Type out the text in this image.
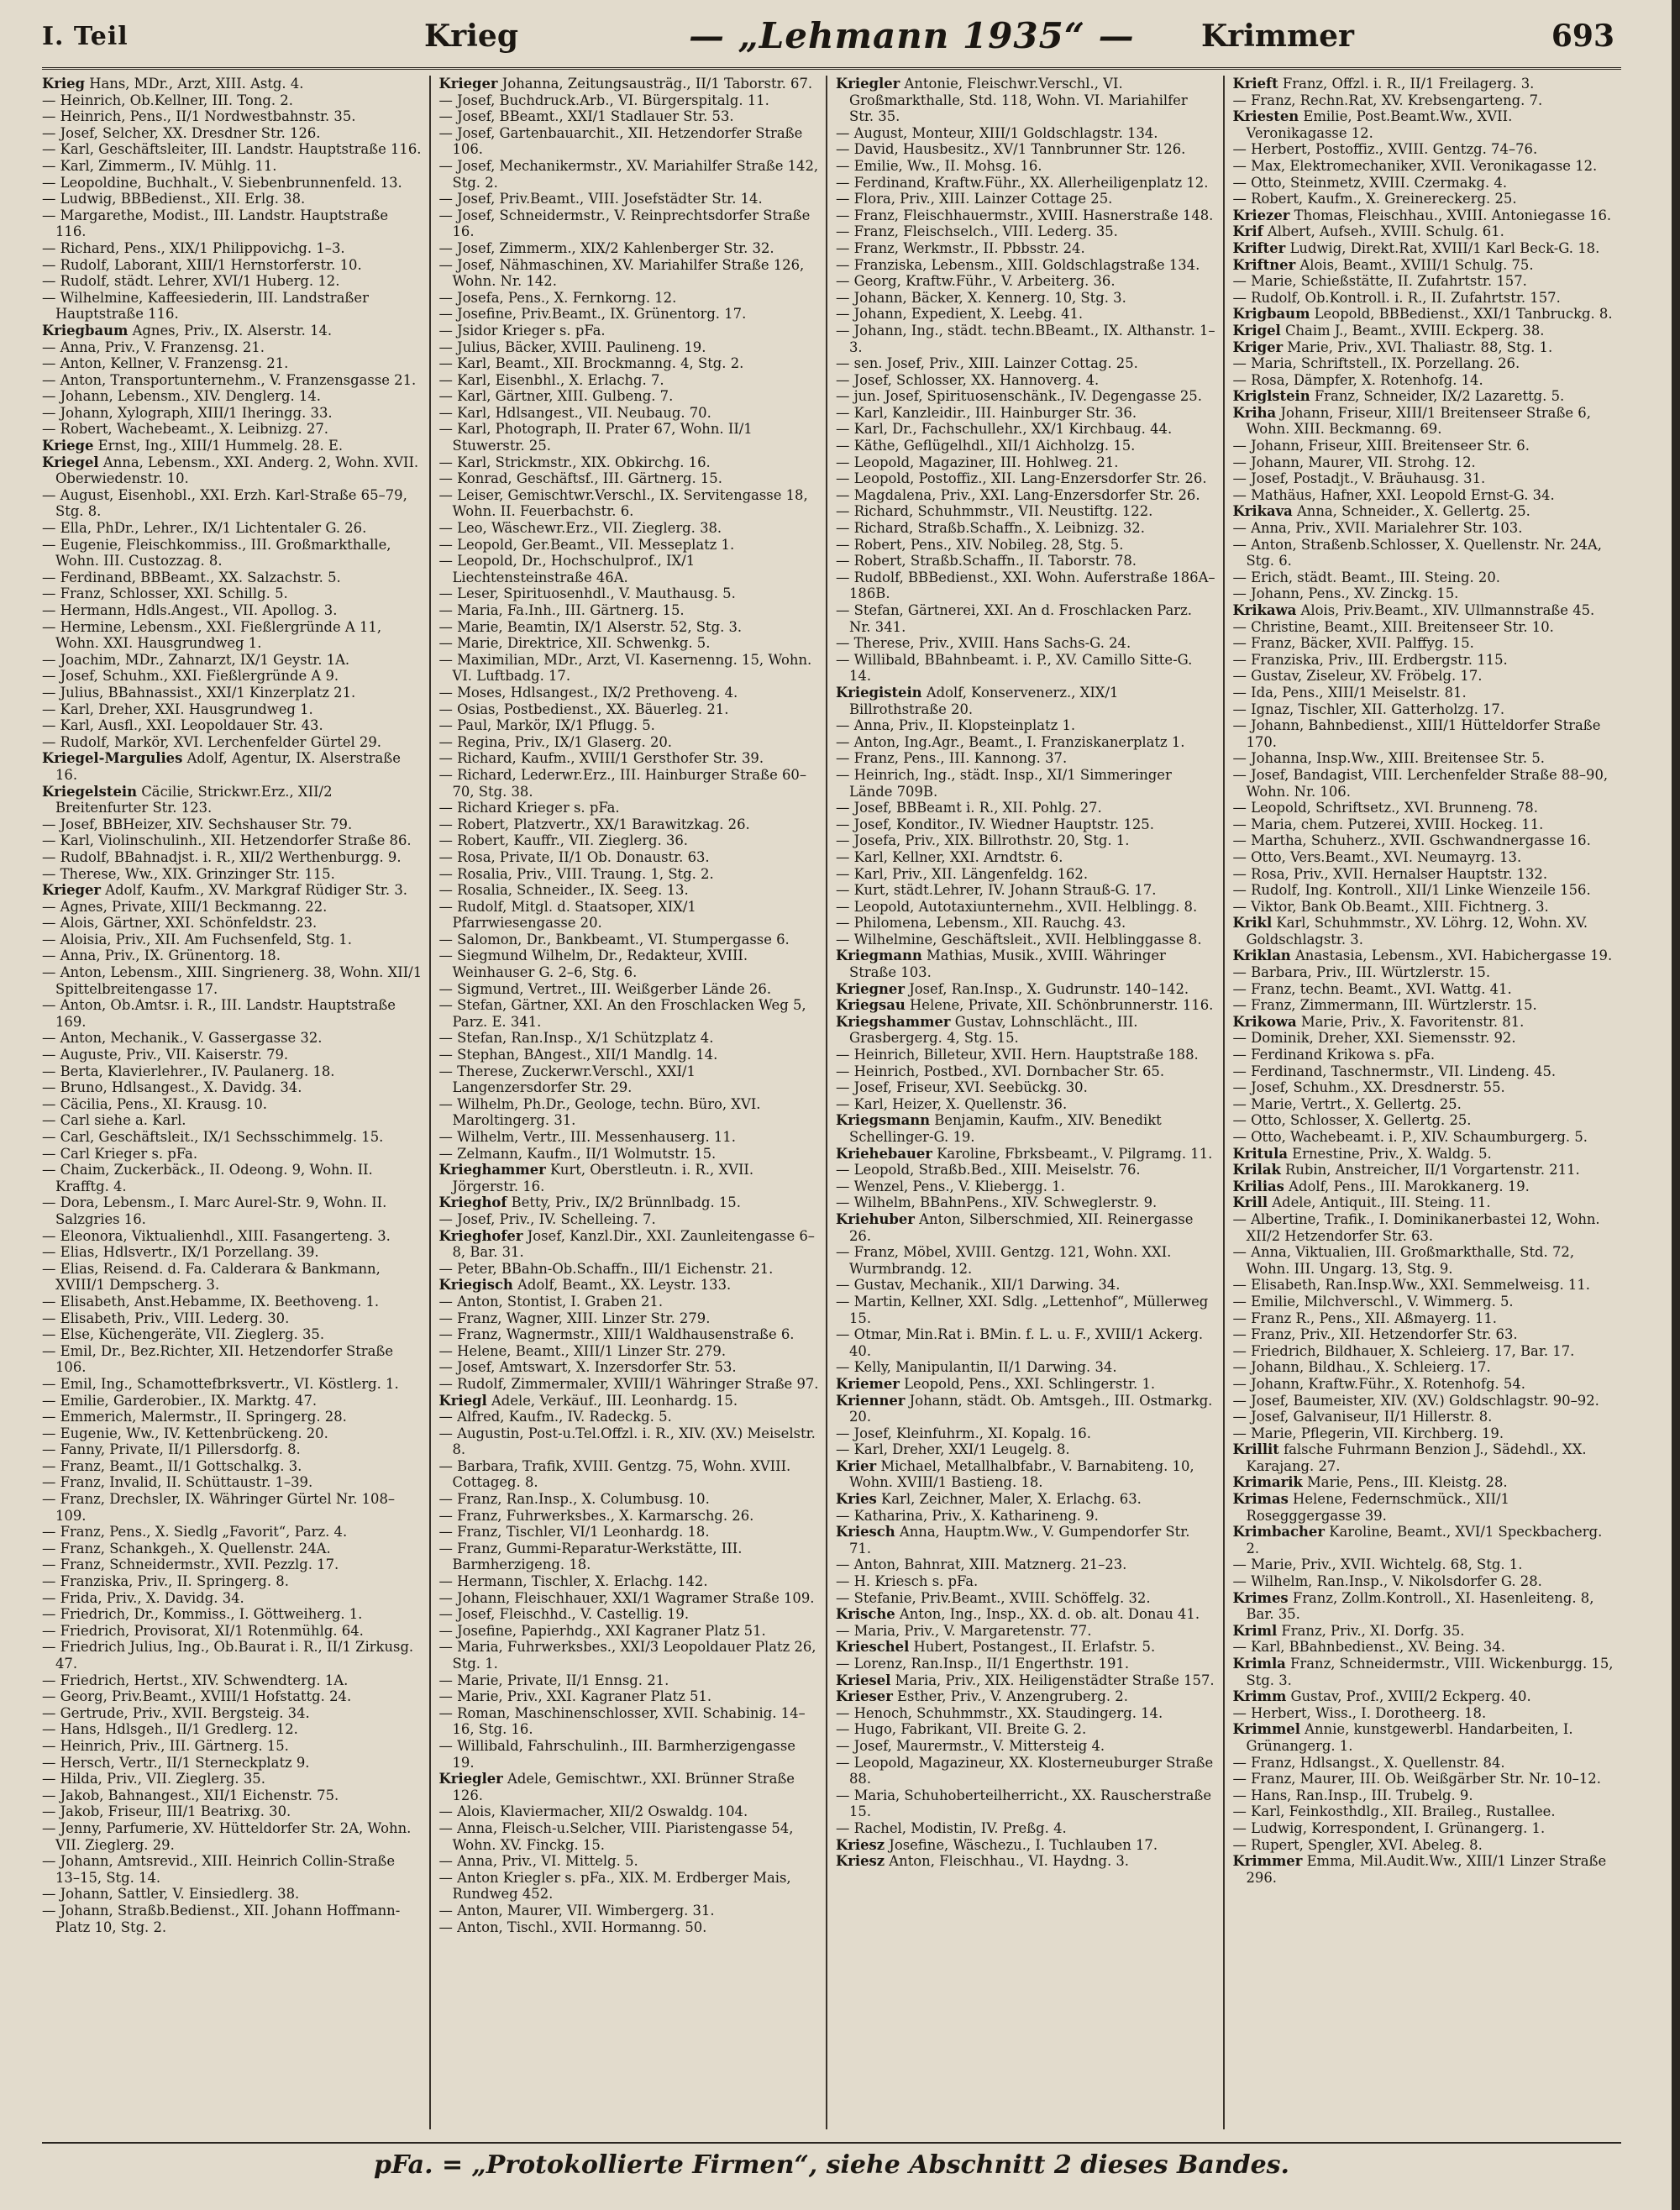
I. Teil	Krieg	— „Lehmann 1935“ — Krimmer	693
Krieg Hans, MDr., Arzt, XIII. Astg. 4.
— Heinrich, Ob.Kellner, III. Tong. 2.
— Heinrich, Pens., II/1 Nordwestbahnstr. 35.
— Josef, Selcher, XX. Dresdner Str. 126.
— Karl, Geschäftsleiter, III. Landstr. Hauptstraße 116.
— Karl, Zimmerm., IV. Mühlg. 11.
— Leopoldine, Buchhalt., V. Siebenbrunnenfeld. 13.
— Ludwig, BBBedienst., XII. Erlg. 38.
— Margarethe, Modist., III. Landstr. Hauptstraße 116.
— Richard, Pens., XIX/1 Philippovichg. 1–3.
— Rudolf, Laborant, XIII/1 Hernstorferstr. 10.
— Rudolf, städt. Lehrer, XVI/1 Huberg. 12.
— Wilhelmine, Kaffeesiederin, III. Landstraßer Hauptstraße 116.
Kriegbaum Agnes, Priv., IX. Alserstr. 14.
— Anna, Priv., V. Franzensg. 21.
— Anton, Kellner, V. Franzensg. 21.
— Anton, Transportunternehm., V. Franzensgasse 21.
— Johann, Lebensm., XIV. Denglerg. 14.
— Johann, Xylograph, XIII/1 Iheringg. 33.
— Robert, Wachebeamt., X. Leibnizg. 27.
Kriege Ernst, Ing., XIII/1 Hummelg. 28. E.
Kriegel Anna, Lebensm., XXI. Anderg. 2, Wohn. XVII. Oberwiedenstr. 10.
— August, Eisenhobl., XXI. Erzh. Karl-Straße 65–79, Stg. 8.
— Ella, PhDr., Lehrer., IX/1 Lichtentaler G. 26.
— Eugenie, Fleischkommiss., III. Großmarkthalle, Wohn. III. Custozzag. 8.
— Ferdinand, BBBeamt., XX. Salzachstr. 5.
— Franz, Schlosser, XXI. Schillg. 5.
— Hermann, Hdls.Angest., VII. Apollog. 3.
— Hermine, Lebensm., XXI. Fießlergründe A 11, Wohn. XXI. Hausgrundweg 1.
— Joachim, MDr., Zahnarzt, IX/1 Geystr. 1A.
— Josef, Schuhm., XXI. Fießlergründe A 9.
— Julius, BBahnassist., XXI/1 Kinzerplatz 21.
— Karl, Dreher, XXI. Hausgrundweg 1.
— Karl, Ausfl., XXI. Leopoldauer Str. 43.
— Rudolf, Markör, XVI. Lerchenfelder Gürtel 29.
Kriegel-Margulies Adolf, Agentur, IX. Alserstraße 16.
Kriegelstein Cäcilie, Strickwr.Erz., XII/2 Breitenfurter Str. 123.
— Josef, BBHeizer, XIV. Sechshauser Str. 79.
— Karl, Violinschulinh., XII. Hetzendorfer Straße 86.
— Rudolf, BBahnadjst. i. R., XII/2 Werthenburgg. 9.
— Therese, Ww., XIX. Grinzinger Str. 115.
Krieger Adolf, Kaufm., XV. Markgraf Rüdiger Str. 3.
— Agnes, Private, XIII/1 Beckmanng. 22.
— Alois, Gärtner, XXI. Schönfeldstr. 23.
— Aloisia, Priv., XII. Am Fuchsenfeld, Stg. 1.
— Anna, Priv., IX. Grünentorg. 18.
— Anton, Lebensm., XIII. Singrienerg. 38, Wohn. XII/1 Spittelbreitengasse 17.
— Anton, Ob.Amtsr. i. R., III. Landstr. Hauptstraße 169.
— Anton, Mechanik., V. Gassergasse 32.
— Auguste, Priv., VII. Kaiserstr. 79.
— Berta, Klavierlehrer., IV. Paulanerg. 18.
— Bruno, Hdlsangest., X. Davidg. 34.
— Cäcilia, Pens., XI. Krausg. 10.
— Carl siehe a. Karl.
— Carl, Geschäftsleit., IX/1 Sechsschimmelg. 15.
— Carl Krieger s. pFa.
— Chaim, Zuckerbäck., II. Odeong. 9, Wohn. II. Krafftg. 4.
— Dora, Lebensm., I. Marc Aurel-Str. 9, Wohn. II. Salzgries 16.
— Eleonora, Viktualienhdl., XIII. Fasangerteng. 3.
— Elias, Hdlsvertr., IX/1 Porzellang. 39.
— Elias, Reisend. d. Fa. Calderara & Bankmann, XVIII/1 Dempscherg. 3.
— Elisabeth, Anst.Hebamme, IX. Beethoveng. 1.
— Elisabeth, Priv., VIII. Lederg. 30.
— Else, Küchengeräte, VII. Zieglerg. 35.
— Emil, Dr., Bez.Richter, XII. Hetzendorfer Straße 106.
— Emil, Ing., Schamottefbrksvertr., VI. Köstlerg. 1.
— Emilie, Garderobier., IX. Marktg. 47.
— Emmerich, Malermstr., II. Springerg. 28.
— Eugenie, Ww., IV. Kettenbrückeng. 20.
— Fanny, Private, II/1 Pillersdorfg. 8.
— Franz, Beamt., II/1 Gottschalkg. 3.
— Franz, Invalid, II. Schüttaustr. 1–39.
— Franz, Drechsler, IX. Währinger Gürtel Nr. 108–109.
— Franz, Pens., X. Siedlg „Favorit“, Parz. 4.
— Franz, Schankgeh., X. Quellenstr. 24A.
— Franz, Schneidermstr., XVII. Pezzlg. 17.
— Franziska, Priv., II. Springerg. 8.
— Frida, Priv., X. Davidg. 34.
— Friedrich, Dr., Kommiss., I. Göttweiherg. 1.
— Friedrich, Provisorat, XI/1 Rotenmühlg. 64.
— Friedrich Julius, Ing., Ob.Baurat i. R., II/1 Zirkusg. 47.
— Friedrich, Hertst., XIV. Schwendterg. 1A.
— Georg, Priv.Beamt., XVIII/1 Hofstattg. 24.
— Gertrude, Priv., XVII. Bergsteig. 34.
— Hans, Hdlsgeh., II/1 Gredlerg. 12.
— Heinrich, Priv., III. Gärtnerg. 15.
— Hersch, Vertr., II/1 Sterneckplatz 9.
— Hilda, Priv., VII. Zieglerg. 35.
— Jakob, Bahnangest., XII/1 Eichenstr. 75.
— Jakob, Friseur, III/1 Beatrixg. 30.
— Jenny, Parfumerie, XV. Hütteldorfer Str. 2A, Wohn. VII. Zieglerg. 29.
— Johann, Amtsrevid., XIII. Heinrich Collin-Straße 13–15, Stg. 14.
— Johann, Sattler, V. Einsiedlerg. 38.
— Johann, Straßb.Bedienst., XII. Johann Hoffmann-Platz 10, Stg. 2.
Krieger Johanna, Zeitungsausträg., II/1 Taborstr. 67.
— Josef, Buchdruck.Arb., VI. Bürgerspitalg. 11.
— Josef, BBeamt., XXI/1 Stadlauer Str. 53.
— Josef, Gartenbauarchit., XII. Hetzendorfer Straße 106.
— Josef, Mechanikermstr., XV. Mariahilfer Straße 142, Stg. 2.
— Josef, Priv.Beamt., VIII. Josefstädter Str. 14.
— Josef, Schneidermstr., V. Reinprechtsdorfer Straße 16.
— Josef, Zimmerm., XIX/2 Kahlenberger Str. 32.
— Josef, Nähmaschinen, XV. Mariahilfer Straße 126, Wohn. Nr. 142.
— Josefa, Pens., X. Fernkorng. 12.
— Josefine, Priv.Beamt., IX. Grünentorg. 17.
— Jsidor Krieger s. pFa.
— Julius, Bäcker, XVIII. Paulineng. 19.
— Karl, Beamt., XII. Brockmanng. 4, Stg. 2.
— Karl, Eisenbhl., X. Erlachg. 7.
— Karl, Gärtner, XIII. Gulbeng. 7.
— Karl, Hdlsangest., VII. Neubaug. 70.
— Karl, Photograph, II. Prater 67, Wohn. II/1 Stuwerstr. 25.
— Karl, Strickmstr., XIX. Obkirchg. 16.
— Konrad, Geschäftsf., III. Gärtnerg. 15.
— Leiser, Gemischtwr.Verschl., IX. Servitengasse 18, Wohn. II. Feuerbachstr. 6.
— Leo, Wäschewr.Erz., VII. Zieglerg. 38.
— Leopold, Ger.Beamt., VII. Messeplatz 1.
— Leopold, Dr., Hochschulprof., IX/1 Liechtensteinstraße 46A.
— Leser, Spirituosenhdl., V. Mauthausg. 5.
— Maria, Fa.Inh., III. Gärtnerg. 15.
— Marie, Beamtin, IX/1 Alserstr. 52, Stg. 3.
— Marie, Direktrice, XII. Schwenkg. 5.
— Maximilian, MDr., Arzt, VI. Kasernenng. 15, Wohn. VI. Luftbadg. 17.
— Moses, Hdlsangest., IX/2 Prethoveng. 4.
— Osias, Postbedienst., XX. Bäuerleg. 21.
— Paul, Markör, IX/1 Pflugg. 5.
— Regina, Priv., IX/1 Glaserg. 20.
— Richard, Kaufm., XVIII/1 Gersthofer Str. 39.
— Richard, Lederwr.Erz., III. Hainburger Straße 60–70, Stg. 38.
— Richard Krieger s. pFa.
— Robert, Platzvertr., XX/1 Barawitzkag. 26.
— Robert, Kauffr., VII. Zieglerg. 36.
— Rosa, Private, II/1 Ob. Donaustr. 63.
— Rosalia, Priv., VIII. Traung. 1, Stg. 2.
— Rosalia, Schneider., IX. Seeg. 13.
— Rudolf, Mitgl. d. Staatsoper, XIX/1 Pfarrwiesengasse 20.
— Salomon, Dr., Bankbeamt., VI. Stumpergasse 6.
— Siegmund Wilhelm, Dr., Redakteur, XVIII. Weinhauser G. 2–6, Stg. 6.
— Sigmund, Vertret., III. Weißgerber Lände 26.
— Stefan, Gärtner, XXI. An den Froschlacken Weg 5, Parz. E. 341.
— Stefan, Ran.Insp., X/1 Schützplatz 4.
— Stephan, BAngest., XII/1 Mandlg. 14.
— Therese, Zuckerwr.Verschl., XXI/1 Langenzersdorfer Str. 29.
— Wilhelm, Ph.Dr., Geologe, techn. Büro, XVI. Maroltingerg. 31.
— Wilhelm, Vertr., III. Messenhauserg. 11.
— Zelmann, Kaufm., II/1 Wolmutstr. 15.
Krieghammer Kurt, Oberstleutn. i. R., XVII. Jörgerstr. 16.
Krieghof Betty, Priv., IX/2 Brünnlbadg. 15.
— Josef, Priv., IV. Schelleing. 7.
Krieghofer Josef, Kanzl.Dir., XXI. Zaunleitengasse 6–8, Bar. 31.
— Peter, BBahn-Ob.Schaffn., III/1 Eichenstr. 21.
Kriegisch Adolf, Beamt., XX. Leystr. 133.
— Anton, Stontist, I. Graben 21.
— Franz, Wagner, XIII. Linzer Str. 279.
— Franz, Wagnermstr., XIII/1 Waldhausenstraße 6.
— Helene, Beamt., XIII/1 Linzer Str. 279.
— Josef, Amtswart, X. Inzersdorfer Str. 53.
— Rudolf, Zimmermaler, XVIII/1 Währinger Straße 97.
Kriegl Adele, Verkäuf., III. Leonhardg. 15.
— Alfred, Kaufm., IV. Radeckg. 5.
— Augustin, Post-u.Tel.Offzl. i. R., XIV. (XV.) Meiselstr. 8.
— Barbara, Trafik, XVIII. Gentzg. 75, Wohn. XVIII. Cottageg. 8.
— Franz, Ran.Insp., X. Columbusg. 10.
— Franz, Fuhrwerksbes., X. Karmarschg. 26.
— Franz, Tischler, VI/1 Leonhardg. 18.
— Franz, Gummi-Reparatur-Werkstätte, III. Barmherzigeng. 18.
— Hermann, Tischler, X. Erlachg. 142.
— Johann, Fleischhauer, XXI/1 Wagramer Straße 109.
— Josef, Fleischhd., V. Castellig. 19.
— Josefine, Papierhdg., XXI Kagraner Platz 51.
— Maria, Fuhrwerksbes., XXI/3 Leopoldauer Platz 26, Stg. 1.
— Marie, Private, II/1 Ennsg. 21.
— Marie, Priv., XXI. Kagraner Platz 51.
— Roman, Maschinenschlosser, XVII. Schabinig. 14–16, Stg. 16.
— Willibald, Fahrschulinh., III. Barmherzigengasse 19.
Kriegler Adele, Gemischtwr., XXI. Brünner Straße 126.
— Alois, Klaviermacher, XII/2 Oswaldg. 104.
— Anna, Fleisch-u.Selcher, VIII. Piaristengasse 54, Wohn. XV. Finckg. 15.
— Anna, Priv., VI. Mittelg. 5.
— Anton Kriegler s. pFa., XIX. M. Erdberger Mais, Rundweg 452.
— Anton, Maurer, VII. Wimbergerg. 31.
— Anton, Tischl., XVII. Hormanng. 50.
Kriegler Antonie, Fleischwr.Verschl., VI. Großmarkthalle, Std. 118, Wohn. VI. Mariahilfer Str. 35.
— August, Monteur, XIII/1 Goldschlagstr. 134.
— David, Hausbesitz., XV/1 Tannbrunner Str. 126.
— Emilie, Ww., II. Mohsg. 16.
— Ferdinand, Kraftw.Führ., XX. Allerheiligenplatz 12.
— Flora, Priv., XIII. Lainzer Cottage 25.
— Franz, Fleischhauermstr., XVIII. Hasnerstraße 148.
— Franz, Fleischselch., VIII. Lederg. 35.
— Franz, Werkmstr., II. Pbbsstr. 24.
— Franziska, Lebensm., XIII. Goldschlagstraße 134.
— Georg, Kraftw.Führ., V. Arbeiterg. 36.
— Johann, Bäcker, X. Kennerg. 10, Stg. 3.
— Johann, Expedient, X. Leebg. 41.
— Johann, Ing., städt. techn.BBeamt., IX. Althanstr. 1–3.
— sen. Josef, Priv., XIII. Lainzer Cottag. 25.
— Josef, Schlosser, XX. Hannoverg. 4.
— jun. Josef, Spirituosenschänk., IV. Degengasse 25.
— Karl, Kanzleidir., III. Hainburger Str. 36.
— Karl, Dr., Fachschullehr., XX/1 Kirchbaug. 44.
— Käthe, Geflügelhdl., XII/1 Aichholzg. 15.
— Leopold, Magaziner, III. Hohlweg. 21.
— Leopold, Postoffiz., XII. Lang-Enzersdorfer Str. 26.
— Magdalena, Priv., XXI. Lang-Enzersdorfer Str. 26.
— Richard, Schuhmmstr., VII. Neustiftg. 122.
— Richard, Straßb.Schaffn., X. Leibnizg. 32.
— Robert, Pens., XIV. Nobileg. 28, Stg. 5.
— Robert, Straßb.Schaffn., II. Taborstr. 78.
— Rudolf, BBBedienst., XXI. Wohn. Auferstraße 186A–186B.
— Stefan, Gärtnerei, XXI. An d. Froschlacken Parz. Nr. 341.
— Therese, Priv., XVIII. Hans Sachs-G. 24.
— Willibald, BBahnbeamt. i. P., XV. Camillo Sitte-G. 14.
Kriegistein Adolf, Konservenerz., XIX/1 Billrothstraße 20.
— Anna, Priv., II. Klopsteinplatz 1.
— Anton, Ing.Agr., Beamt., I. Franziskanerplatz 1.
— Franz, Pens., III. Kannong. 37.
— Heinrich, Ing., städt. Insp., XI/1 Simmeringer Lände 709B.
— Josef, BBBeamt i. R., XII. Pohlg. 27.
— Josef, Konditor., IV. Wiedner Hauptstr. 125.
— Josefa, Priv., XIX. Billrothstr. 20, Stg. 1.
— Karl, Kellner, XXI. Arndtstr. 6.
— Karl, Priv., XII. Längenfeldg. 162.
— Kurt, städt.Lehrer, IV. Johann Strauß-G. 17.
— Leopold, Autotaxiunternehm., XVII. Helblingg. 8.
— Philomena, Lebensm., XII. Rauchg. 43.
— Wilhelmine, Geschäftsleit., XVII. Helblinggasse 8.
Kriegmann Mathias, Musik., XVIII. Währinger Straße 103.
Kriegner Josef, Ran.Insp., X. Gudrunstr. 140–142.
Kriegsau Helene, Private, XII. Schönbrunnerstr. 116.
Kriegshammer Gustav, Lohnschlächt., III. Grasbergerg. 4, Stg. 15.
— Heinrich, Billeteur, XVII. Hern. Hauptstraße 188.
— Heinrich, Postbed., XVI. Dornbacher Str. 65.
— Josef, Friseur, XVI. Seebückg. 30.
— Karl, Heizer, X. Quellenstr. 36.
Kriegsmann Benjamin, Kaufm., XIV. Benedikt Schellinger-G. 19.
Kriehebauer Karoline, Fbrksbeamt., V. Pilgramg. 11.
— Leopold, Straßb.Bed., XIII. Meiselstr. 76.
— Wenzel, Pens., V. Kliebergg. 1.
— Wilhelm, BBahnPens., XIV. Schweglerstr. 9.
Kriehuber Anton, Silberschmied, XII. Reinergasse 26.
— Franz, Möbel, XVIII. Gentzg. 121, Wohn. XXI. Wurmbrandg. 12.
— Gustav, Mechanik., XII/1 Darwing. 34.
— Martin, Kellner, XXI. Sdlg. „Lettenhof“, Müllerweg 15.
— Otmar, Min.Rat i. BMin. f. L. u. F., XVIII/1 Ackerg. 40.
— Kelly, Manipulantin, II/1 Darwing. 34.
Kriemer Leopold, Pens., XXI. Schlingerstr. 1.
Krienner Johann, städt. Ob. Amtsgeh., III. Ostmarkg. 20.
— Josef, Kleinfuhrm., XI. Kopalg. 16.
— Karl, Dreher, XXI/1 Leugelg. 8.
Krier Michael, Metallhalbfabr., V. Barnabiteng. 10, Wohn. XVIII/1 Bastieng. 18.
Kries Karl, Zeichner, Maler, X. Erlachg. 63.
— Katharina, Priv., X. Katharineng. 9.
Kriesch Anna, Hauptm.Ww., V. Gumpendorfer Str. 71.
— Anton, Bahnrat, XIII. Matznerg. 21–23.
— H. Kriesch s. pFa.
— Stefanie, Priv.Beamt., XVIII. Schöffelg. 32.
Krische Anton, Ing., Insp., XX. d. ob. alt. Donau 41.
— Maria, Priv., V. Margaretenstr. 77.
Krieschel Hubert, Postangest., II. Erlafstr. 5.
— Lorenz, Ran.Insp., II/1 Engerthstr. 191.
Kriesel Maria, Priv., XIX. Heiligenstädter Straße 157.
Krieser Esther, Priv., V. Anzengruberg. 2.
— Henoch, Schuhmmstr., XX. Staudingerg. 14.
— Hugo, Fabrikant, VII. Breite G. 2.
— Josef, Maurermstr., V. Mittersteig 4.
— Leopold, Magazineur, XX. Klosterneuburger Straße 88.
— Maria, Schuhoberteilherricht., XX. Rauscherstraße 15.
— Rachel, Modistin, IV. Preßg. 4.
Kriesz Josefine, Wäschezu., I. Tuchlauben 17.
Kriesz Anton, Fleischhau., VI. Haydng. 3.
Krieft Franz, Offzl. i. R., II/1 Freilagerg. 3.
— Franz, Rechn.Rat, XV. Krebsengarteng. 7.
Kriesten Emilie, Post.Beamt.Ww., XVII. Veronikagasse 12.
— Herbert, Postoffiz., XVIII. Gentzg. 74–76.
— Max, Elektromechaniker, XVII. Veronikagasse 12.
— Otto, Steinmetz, XVIII. Czermakg. 4.
— Robert, Kaufm., X. Greinereckerg. 25.
Kriezer Thomas, Fleischhau., XVIII. Antoniegasse 16.
Krif Albert, Aufseh., XVIII. Schulg. 61.
Krifter Ludwig, Direkt.Rat, XVIII/1 Karl Beck-G. 18.
Kriftner Alois, Beamt., XVIII/1 Schulg. 75.
— Marie, Schießstätte, II. Zufahrtstr. 157.
— Rudolf, Ob.Kontroll. i. R., II. Zufahrtstr. 157.
Krigbaum Leopold, BBBedienst., XXI/1 Tanbruckg. 8.
Krigel Chaim J., Beamt., XVIII. Eckperg. 38.
Kriger Marie, Priv., XVI. Thaliastr. 88, Stg. 1.
— Maria, Schriftstell., IX. Porzellang. 26.
— Rosa, Dämpfer, X. Rotenhofg. 14.
Kriglstein Franz, Schneider, IX/2 Lazarettg. 5.
Kriha Johann, Friseur, XIII/1 Breitenseer Straße 6, Wohn. XIII. Beckmanng. 69.
— Johann, Friseur, XIII. Breitenseer Str. 6.
— Johann, Maurer, VII. Strohg. 12.
— Josef, Postadjt., V. Bräuhausg. 31.
— Mathäus, Hafner, XXI. Leopold Ernst-G. 34.
Krikava Anna, Schneider., X. Gellertg. 25.
— Anna, Priv., XVII. Marialehrer Str. 103.
— Anton, Straßenb.Schlosser, X. Quellenstr. Nr. 24A, Stg. 6.
— Erich, städt. Beamt., III. Steing. 20.
— Johann, Pens., XV. Zinckg. 15.
Krikawa Alois, Priv.Beamt., XIV. Ullmannstraße 45.
— Christine, Beamt., XIII. Breitenseer Str. 10.
— Franz, Bäcker, XVII. Palffyg. 15.
— Franziska, Priv., III. Erdbergstr. 115.
— Gustav, Ziseleur, XV. Fröbelg. 17.
— Ida, Pens., XIII/1 Meiselstr. 81.
— Ignaz, Tischler, XII. Gatterholzg. 17.
— Johann, Bahnbedienst., XIII/1 Hütteldorfer Straße 170.
— Johanna, Insp.Ww., XIII. Breitensee Str. 5.
— Josef, Bandagist, VIII. Lerchenfelder Straße 88–90, Wohn. Nr. 106.
— Leopold, Schriftsetz., XVI. Brunneng. 78.
— Maria, chem. Putzerei, XVIII. Hockeg. 11.
— Martha, Schuherz., XVII. Gschwandnergasse 16.
— Otto, Vers.Beamt., XVI. Neumayrg. 13.
— Rosa, Priv., XVII. Hernalser Hauptstr. 132.
— Rudolf, Ing. Kontroll., XII/1 Linke Wienzeile 156.
— Viktor, Bank Ob.Beamt., XIII. Fichtnerg. 3.
Krikl Karl, Schuhmmstr., XV. Löhrg. 12, Wohn. XV. Goldschlagstr. 3.
Kriklan Anastasia, Lebensm., XVI. Habichergasse 19.
— Barbara, Priv., III. Würtzlerstr. 15.
— Franz, techn. Beamt., XVI. Wattg. 41.
— Franz, Zimmermann, III. Würtzlerstr. 15.
Krikowa Marie, Priv., X. Favoritenstr. 81.
— Dominik, Dreher, XXI. Siemensstr. 92.
— Ferdinand Krikowa s. pFa.
— Ferdinand, Taschnermstr., VII. Lindeng. 45.
— Josef, Schuhm., XX. Dresdnerstr. 55.
— Marie, Vertrt., X. Gellertg. 25.
— Otto, Schlosser, X. Gellertg. 25.
— Otto, Wachebeamt. i. P., XIV. Schaumburgerg. 5.
Kritula Ernestine, Priv., X. Waldg. 5.
Krilak Rubin, Anstreicher, II/1 Vorgartenstr. 211.
Krilias Adolf, Pens., III. Marokkanerg. 19.
Krill Adele, Antiquit., III. Steing. 11.
— Albertine, Trafik., I. Dominikanerbastei 12, Wohn. XII/2 Hetzendorfer Str. 63.
— Anna, Viktualien, III. Großmarkthalle, Std. 72, Wohn. III. Ungarg. 13, Stg. 9.
— Elisabeth, Ran.Insp.Ww., XXI. Semmelweisg. 11.
— Emilie, Milchverschl., V. Wimmerg. 5.
— Franz R., Pens., XII. Aßmayerg. 11.
— Franz, Priv., XII. Hetzendorfer Str. 63.
— Friedrich, Bildhauer, X. Schleierg. 17, Bar. 17.
— Johann, Bildhau., X. Schleierg. 17.
— Johann, Kraftw.Führ., X. Rotenhofg. 54.
— Josef, Baumeister, XIV. (XV.) Goldschlagstr. 90–92.
— Josef, Galvaniseur, II/1 Hillerstr. 8.
— Marie, Pflegerin, VII. Kirchberg. 19.
Krillit falsche Fuhrmann Benzion J., Sädehdl., XX. Karajang. 27.
Krimarik Marie, Pens., III. Kleistg. 28.
Krimas Helene, Federnschmück., XII/1 Rosegggergasse 39.
Krimbacher Karoline, Beamt., XVI/1 Speckbacherg. 2.
— Marie, Priv., XVII. Wichtelg. 68, Stg. 1.
— Wilhelm, Ran.Insp., V. Nikolsdorfer G. 28.
Krimes Franz, Zollm.Kontroll., XI. Hasenleiteng. 8, Bar. 35.
Kriml Franz, Priv., XI. Dorfg. 35.
— Karl, BBahnbedienst., XV. Being. 34.
Krimla Franz, Schneidermstr., VIII. Wickenburgg. 15, Stg. 3.
Krimm Gustav, Prof., XVIII/2 Eckperg. 40.
— Herbert, Wiss., I. Dorotheerg. 18.
Krimmel Annie, kunstgewerbl. Handarbeiten, I. Grünangerg. 1.
— Franz, Hdlsangst., X. Quellenstr. 84.
— Franz, Maurer, III. Ob. Weißgärber Str. Nr. 10–12.
— Hans, Ran.Insp., III. Trubelg. 9.
— Karl, Feinkosthdlg., XII. Braileg., Rustallee.
— Ludwig, Korrespondent, I. Grünangerg. 1.
— Rupert, Spengler, XVI. Abeleg. 8.
Krimmer Emma, Mil.Audit.Ww., XIII/1 Linzer Straße 296.
pFa. = „Protokollierte Firmen“, siehe Abschnitt 2 dieses Bandes.
